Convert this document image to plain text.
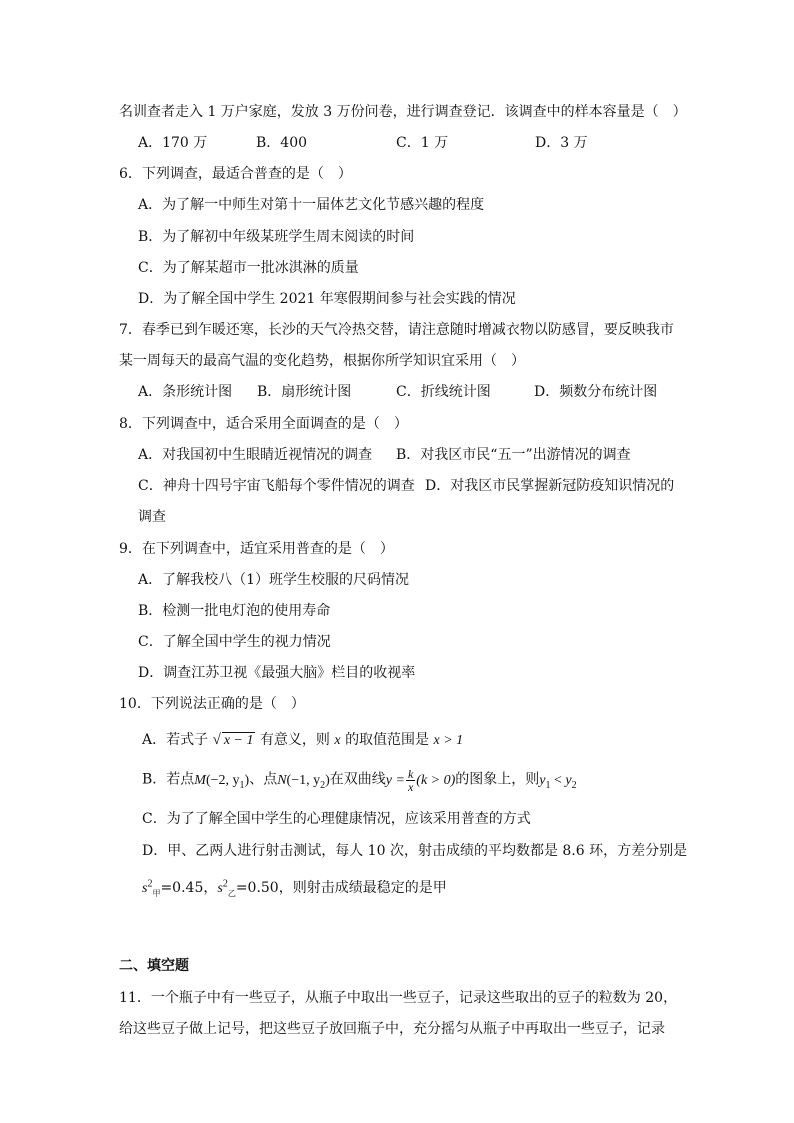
名训查者走入 1 万户家庭，发放 3 万份问卷，进行调查登记．该调查中的样本容量是（　）
A．170 万	B．400	C．1 万	D．3 万
6．下列调查，最适合普查的是（　）
A．为了解一中师生对第十一届体艺文化节感兴趣的程度
B．为了解初中年级某班学生周末阅读的时间
C．为了解某超市一批冰淇淋的质量
D．为了解全国中学生 2021 年寒假期间参与社会实践的情况
7．春季已到乍暖还寒，长沙的天气冷热交替，请注意随时增减衣物以防感冒，要反映我市
某一周每天的最高气温的变化趋势，根据你所学知识宜采用（　）
A．条形统计图 B．扇形统计图	C．折线统计图	D．频数分布统计图
8．下列调查中，适合采用全面调查的是（　）
A．对我国初中生眼睛近视情况的调查 B．对我区市民“五一”出游情况的调查
C．神舟十四号宇宙飞船每个零件情况的调查 D．对我区市民掌握新冠防疫知识情况的
调查
9．在下列调查中，适宜采用普查的是（　）
A．了解我校八（1）班学生校服的尺码情况
B．检测一批电灯泡的使用寿命
C．了解全国中学生的视力情况
D．调查江苏卫视《最强大脑》栏目的收视率
10．下列说法正确的是（　）
A．若式子 √ x − 1 有意义，则 x 的取值范围是 x > 1
B．若点M(−2, $y_1$)、点N(−1, $y_2$)在双曲线$y = \frac{k}{x} (k > 0)$的图象上，则$y_1 < y_2$
C．为了了解全国中学生的心理健康情况，应该采用普查的方式
D．甲、乙两人进行射击测试，每人 10 次，射击成绩的平均数都是 8.6 环，方差分别是
$s^2_甲=0.45$，$s^2_乙=0.50$，则射击成绩最稳定的是甲
二、填空题
11．一个瓶子中有一些豆子，从瓶子中取出一些豆子，记录这些取出的豆子的粒数为 20，
给这些豆子做上记号，把这些豆子放回瓶子中，充分摇匀从瓶子中再取出一些豆子，记录
